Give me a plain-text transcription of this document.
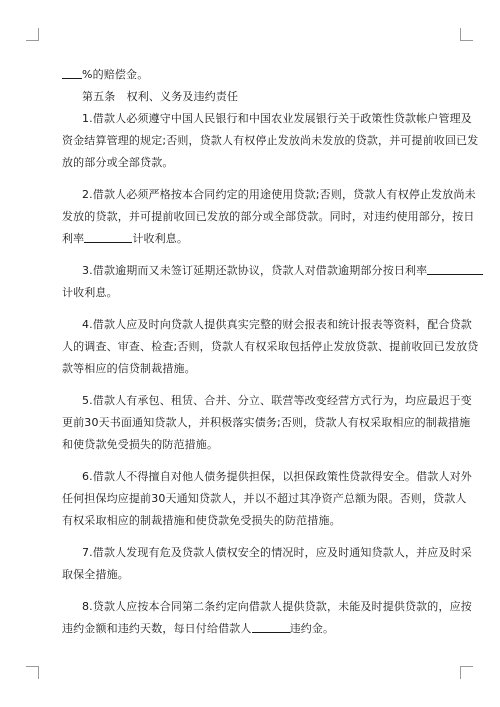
%的赔偿金。
第五条　权利、义务及违约责任
1.借款人必须遵守中国人民银行和中国农业发展银行关于政策性贷款帐户管理及
资金结算管理的规定;否则，贷款人有权停止发放尚未发放的贷款，并可提前收回已发
放的部分或全部贷款。
2.借款人必须严格按本合同约定的用途使用贷款;否则，贷款人有权停止发放尚未
发放的贷款，并可提前收回已发放的部分或全部贷款。同时，对违约使用部分，按日
利率	计收利息。
3.借款逾期而又未签订延期还款协议，贷款人对借款逾期部分按日利率
计收利息。
4.借款人应及时向贷款人提供真实完整的财会报表和统计报表等资料，配合贷款
人的调查、审查、检查;否则，贷款人有权采取包括停止发放贷款、提前收回已发放贷
款等相应的信贷制裁措施。
5.借款人有承包、租赁、合并、分立、联营等改变经营方式行为，均应最迟于变
更前30天书面通知贷款人，并积极落实债务;否则，贷款人有权采取相应的制裁措施
和使贷款免受损失的防范措施。
6.借款人不得擅自对他人债务提供担保，以担保政策性贷款得安全。借款人对外
任何担保均应提前30天通知贷款人，并以不超过其净资产总额为限。否则，贷款人
有权采取相应的制裁措施和使贷款免受损失的防范措施。
7.借款人发现有危及贷款人债权安全的情况时，应及时通知贷款人，并应及时采
取保全措施。
8.贷款人应按本合同第二条约定向借款人提供贷款，未能及时提供贷款的，应按
违约金额和违约天数，每日付给借款人	违约金。
